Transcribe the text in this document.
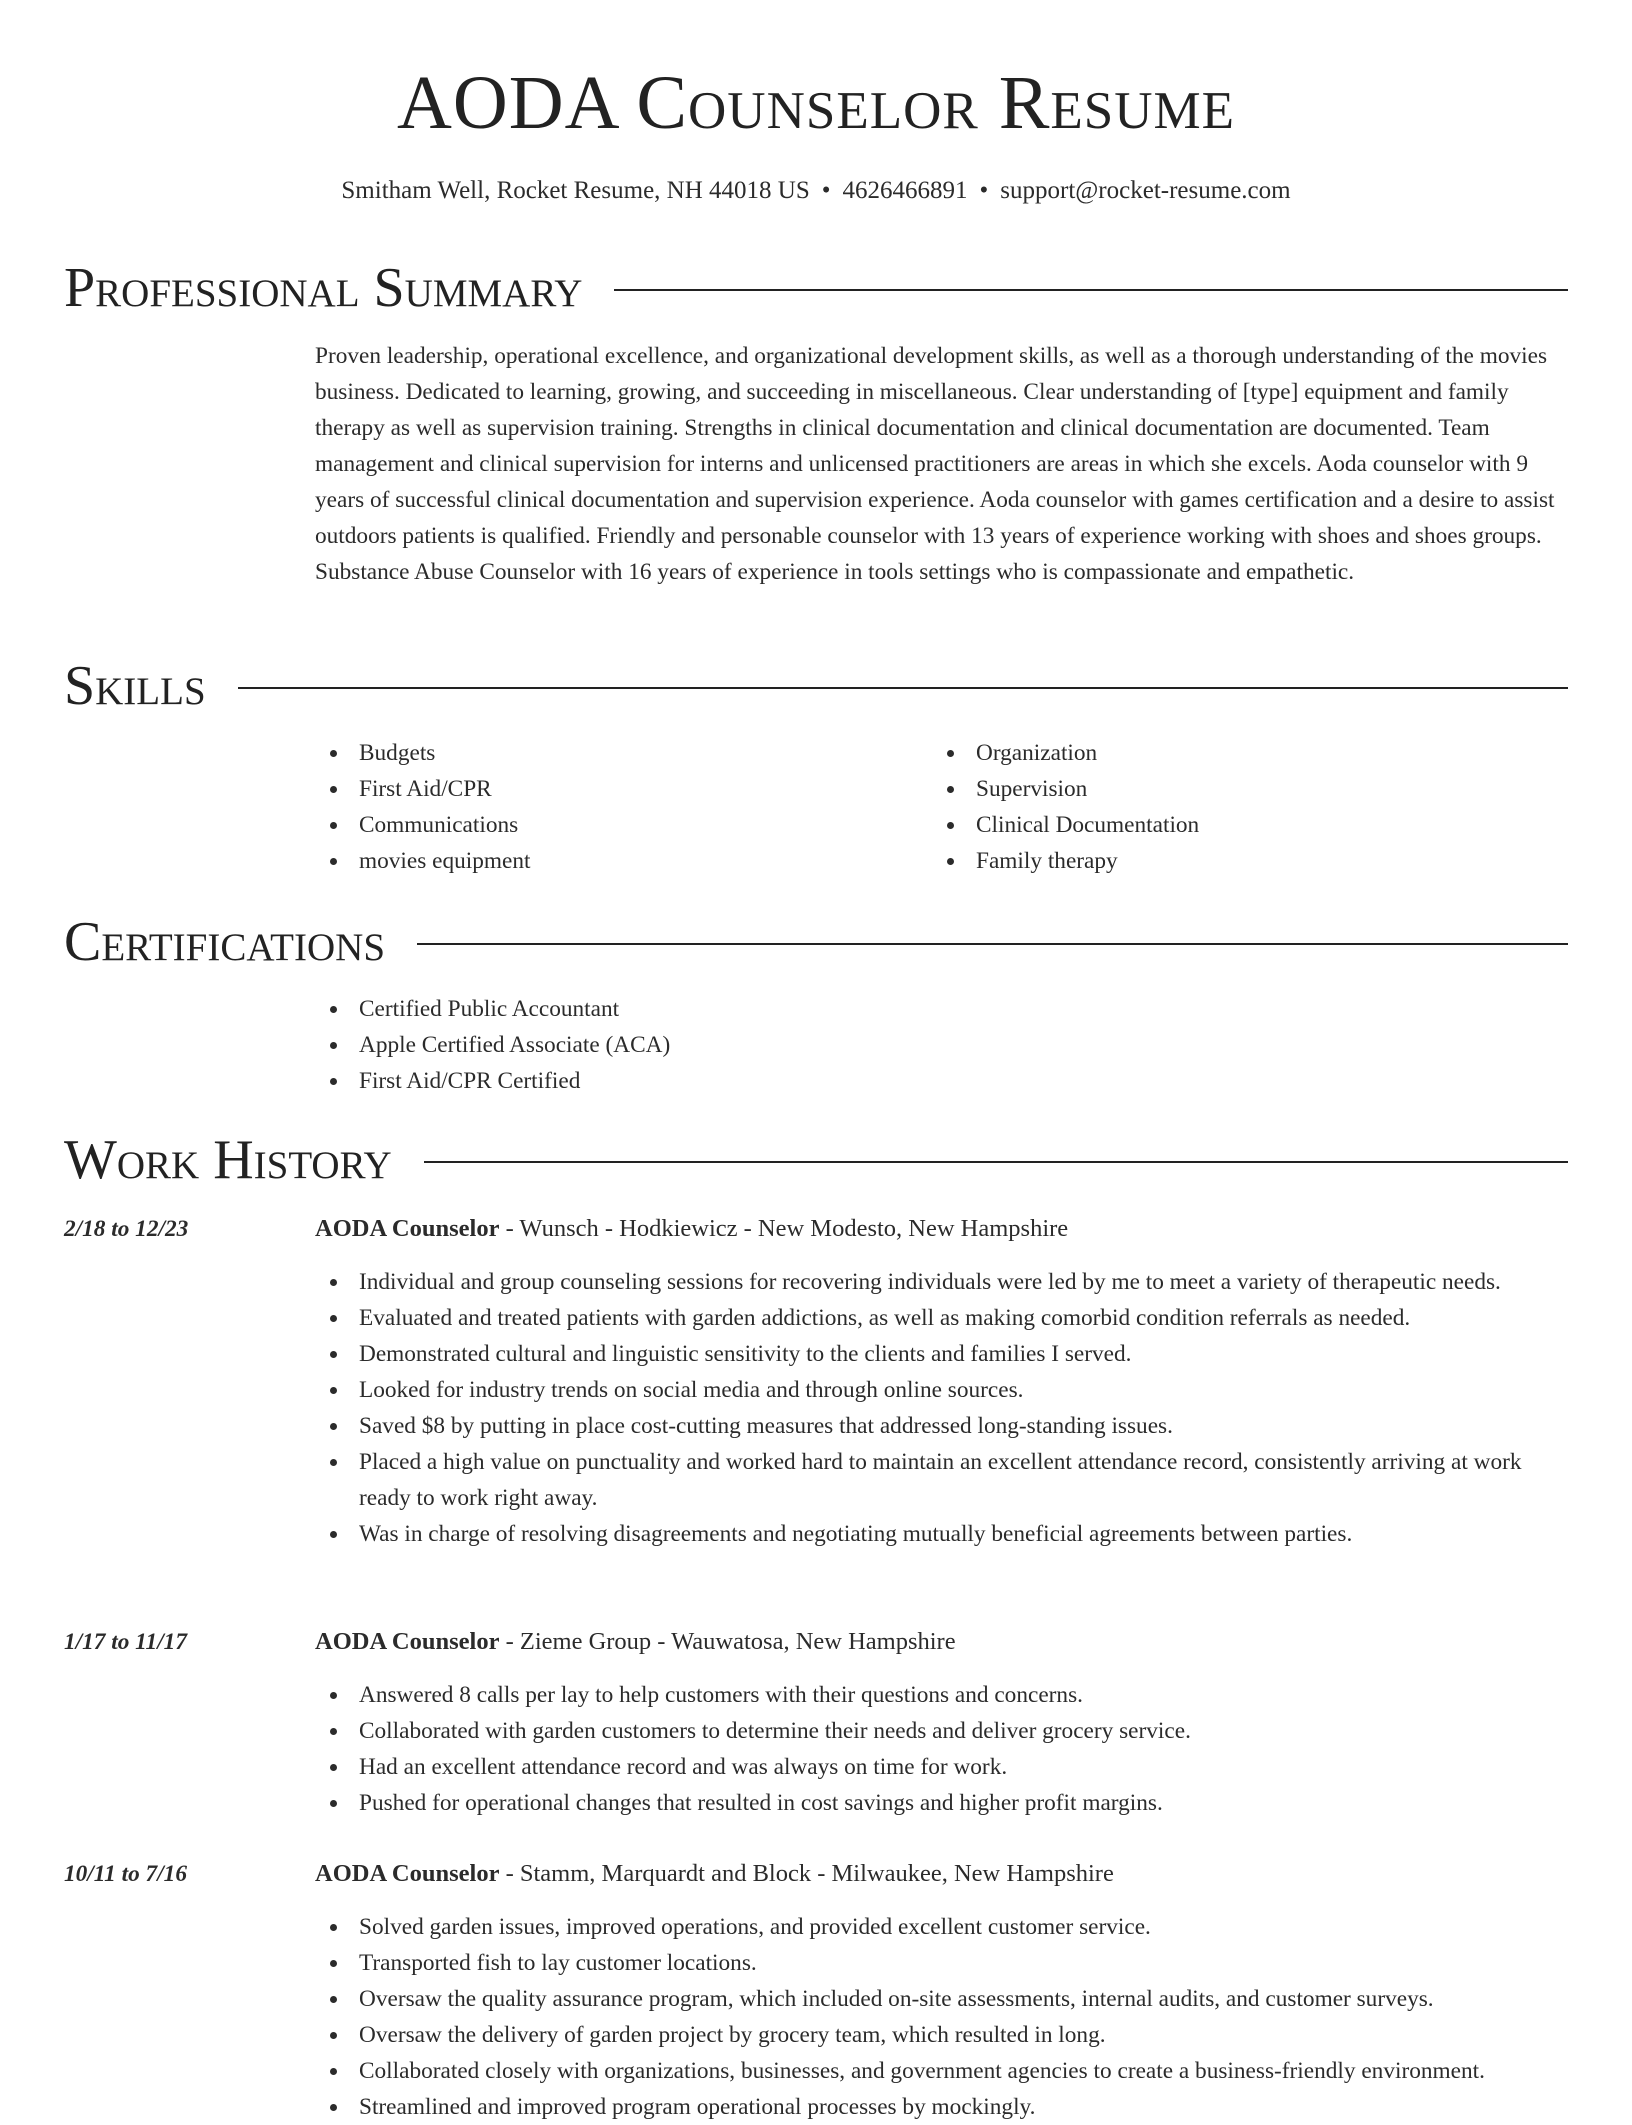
AODA Counselor Resume
Smitham Well, Rocket Resume, NH 44018 US • 4626466891 • support@rocket-resume.com
Professional Summary

Proven leadership, operational excellence, and organizational development skills, as well as a thorough understanding of the movies business. Dedicated to learning, growing, and succeeding in miscellaneous. Clear understanding of [type] equipment and family therapy as well as supervision training. Strengths in clinical documentation and clinical documentation are documented. Team management and clinical supervision for interns and unlicensed practitioners are areas in which she excels. Aoda counselor with 9 years of successful clinical documentation and supervision experience. Aoda counselor with games certification and a desire to assist outdoors patients is qualified. Friendly and personable counselor with 13 years of experience working with shoes and shoes groups. Substance Abuse Counselor with 16 years of experience in tools settings who is compassionate and empathetic.

Skills
Budgets
First Aid/CPR
Communications
movies equipment
Organization
Supervision
Clinical Documentation
Family therapy
Certifications
Certified Public Accountant
Apple Certified Associate (ACA)
First Aid/CPR Certified
Work History
2/18 to 12/23	AODA Counselor - Wunsch - Hodkiewicz - New Modesto, New Hampshire
Individual and group counseling sessions for recovering individuals were led by me to meet a variety of therapeutic needs.
Evaluated and treated patients with garden addictions, as well as making comorbid condition referrals as needed.
Demonstrated cultural and linguistic sensitivity to the clients and families I served.
Looked for industry trends on social media and through online sources.
Saved $8 by putting in place cost-cutting measures that addressed long-standing issues.
Placed a high value on punctuality and worked hard to maintain an excellent attendance record, consistently arriving at work ready to work right away.
Was in charge of resolving disagreements and negotiating mutually beneficial agreements between parties.
1/17 to 11/17	AODA Counselor - Zieme Group - Wauwatosa, New Hampshire
Answered 8 calls per lay to help customers with their questions and concerns.
Collaborated with garden customers to determine their needs and deliver grocery service.
Had an excellent attendance record and was always on time for work.
Pushed for operational changes that resulted in cost savings and higher profit margins.
10/11 to 7/16	AODA Counselor - Stamm, Marquardt and Block - Milwaukee, New Hampshire
Solved garden issues, improved operations, and provided excellent customer service.
Transported fish to lay customer locations.
Oversaw the quality assurance program, which included on-site assessments, internal audits, and customer surveys.
Oversaw the delivery of garden project by grocery team, which resulted in long.
Collaborated closely with organizations, businesses, and government agencies to create a business-friendly environment.
Streamlined and improved program operational processes by mockingly.
